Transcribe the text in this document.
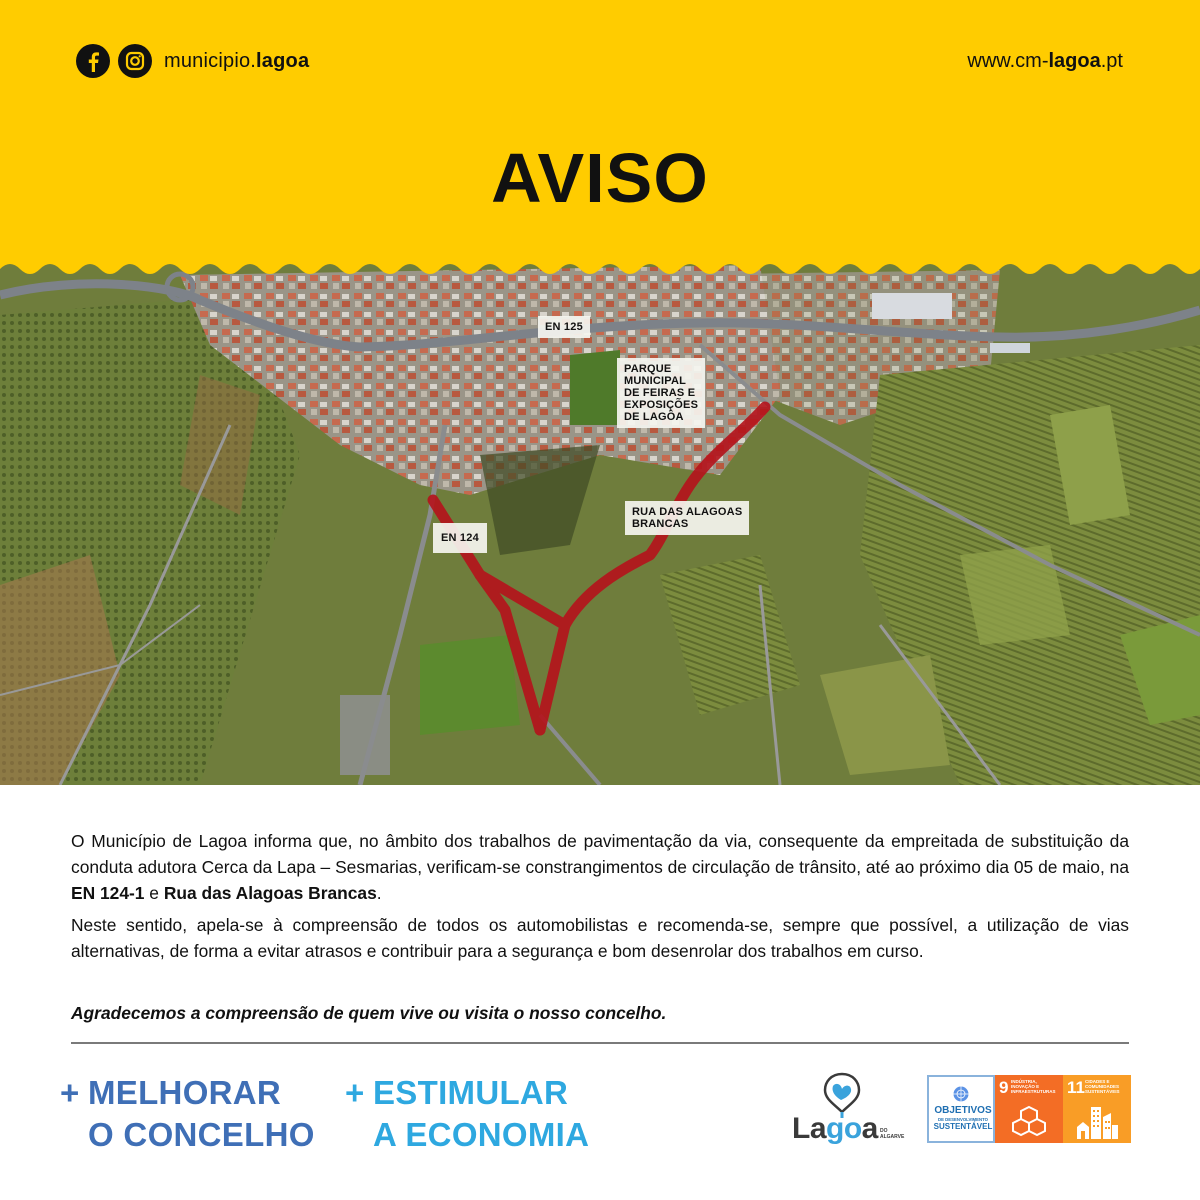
municipio.lagoa	www.cm-lagoa.pt
AVISO
EN 125
PARQUE
MUNICIPAL
DE FEIRAS E
EXPOSIÇÕES
DE LAGÔA
EN 124
RUA DAS ALAGOAS
BRANCAS

O Município de Lagoa informa que, no âmbito dos trabalhos de pavimentação da via, consequente da empreitada de substituição da conduta adutora Cerca da Lapa – Sesmarias, verificam-se constrangimentos de circulação de trânsito, até ao próximo dia 05 de maio, na EN 124-1 e Rua das Alagoas Brancas.

Neste sentido, apela-se à compreensão de todos os automobilistas e recomenda-se, sempre que possível, a utilização de vias alternativas, de forma a evitar atrasos e contribuir para a segurança e bom desenrolar dos trabalhos em curso.

Agradecemos a compreensão de quem vive ou visita o nosso concelho.
+ MELHORAR
O CONCELHO
+ ESTIMULAR
A ECONOMIA	Lagoa DO
ALGARVE
OBJETIVOS
DE DESENVOLVIMENTO
SUSTENTÁVEL
9 INDÚSTRIA, INOVAÇÃO E INFRAESTRUTURAS 11 CIDADES E COMUNIDADES SUSTENTÁVEIS
